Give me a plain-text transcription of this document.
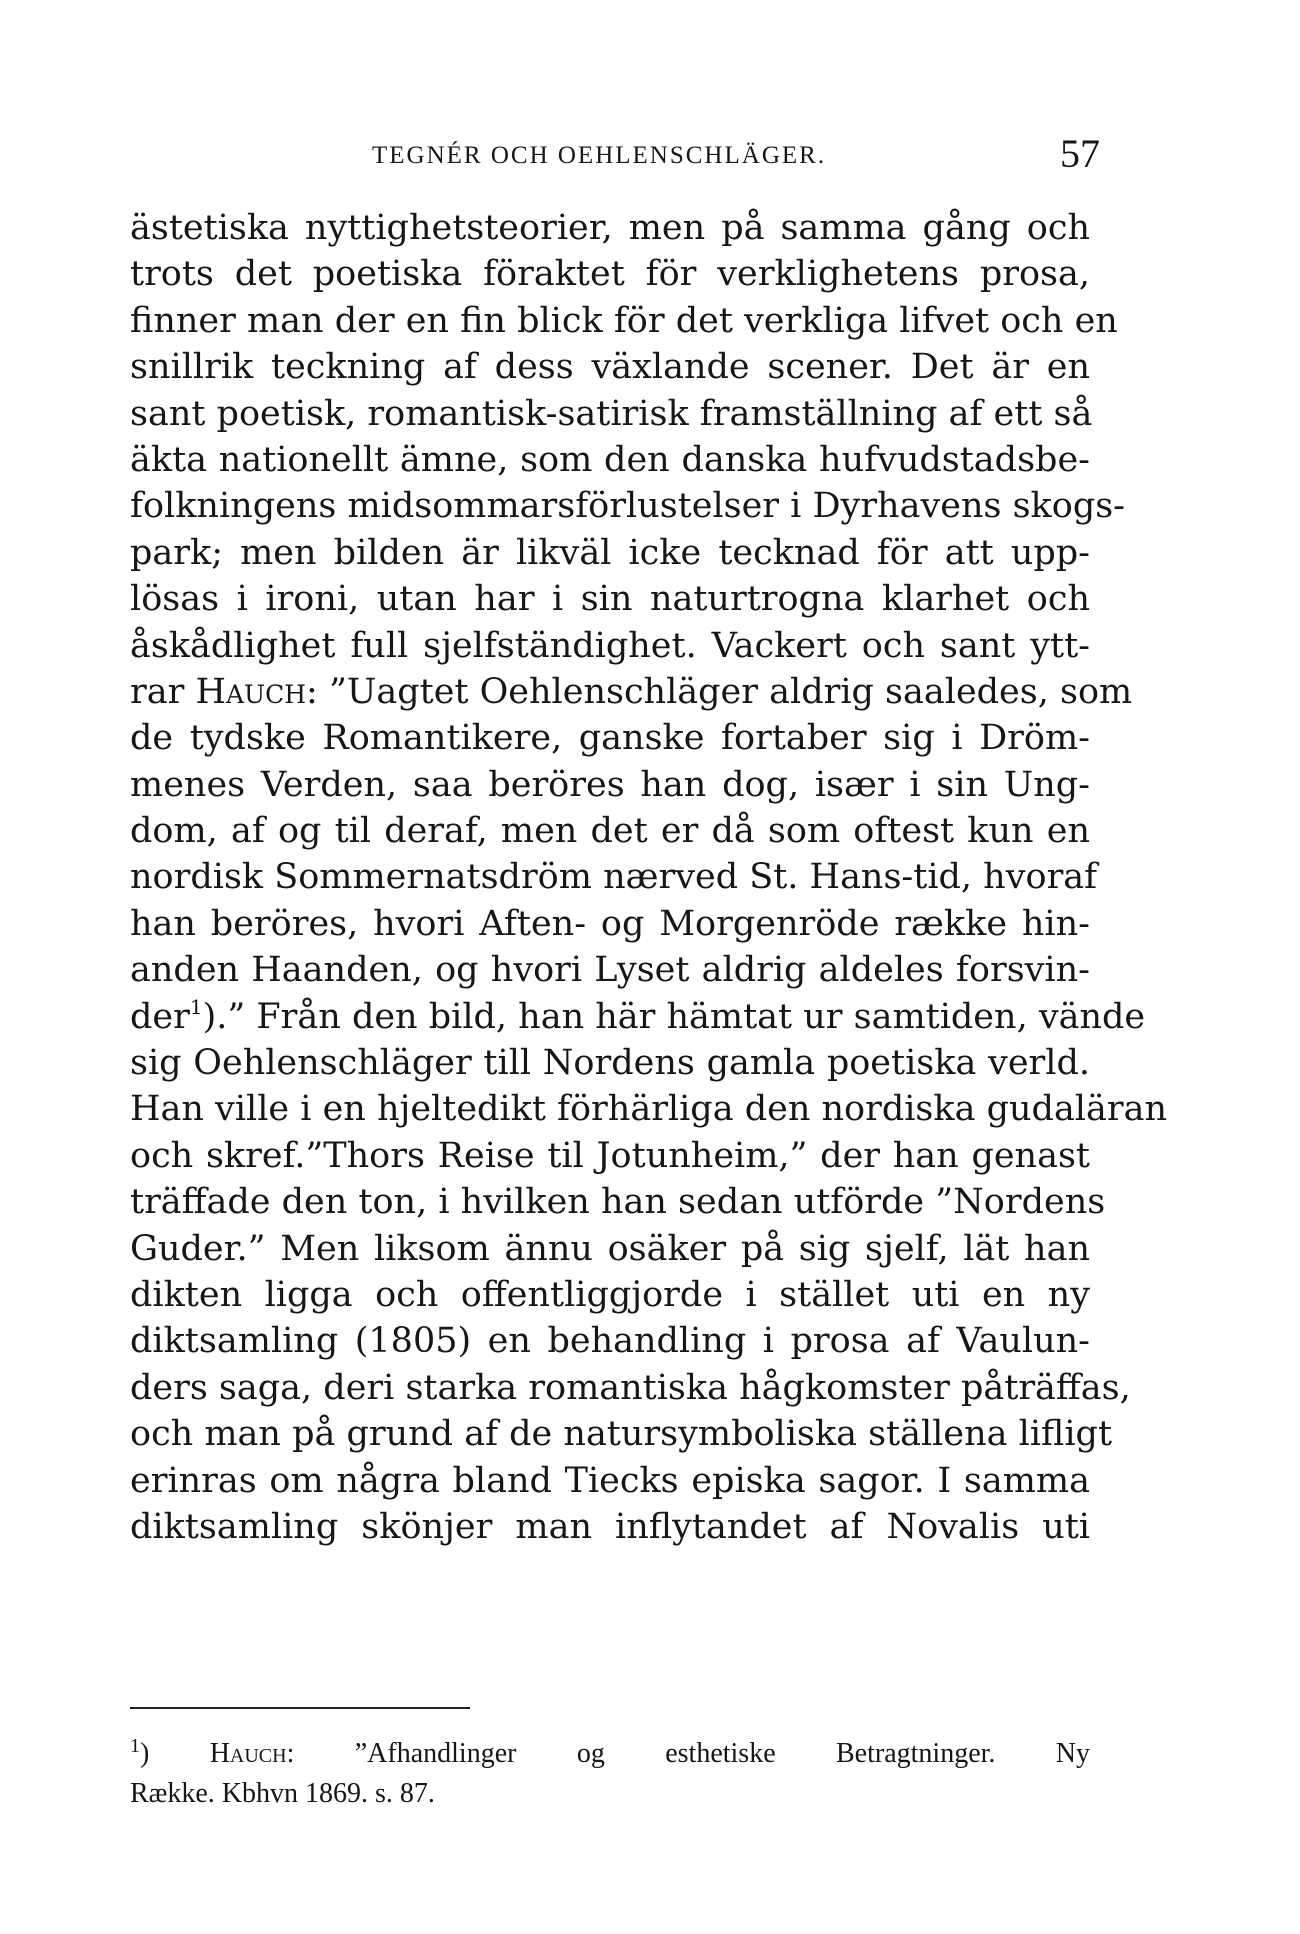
TEGNÉR OCH OEHLENSCHLÄGER.	57
ästetiska nyttighetsteorier, men på samma gång och
trots det poetiska föraktet för verklighetens prosa,
finner man der en fin blick för det verkliga lifvet och en
snillrik teckning af dess växlande scener. Det är en
sant poetisk, romantisk-satirisk framställning af ett så
äkta nationellt ämne, som den danska hufvudstadsbe-
folkningens midsommarsförlustelser i Dyrhavens skogs-
park; men bilden är likväl icke tecknad för att upp-
lösas i ironi, utan har i sin naturtrogna klarhet och
åskådlighet full sjelfständighet. Vackert och sant ytt-
rar Hauch: ”Uagtet Oehlenschläger aldrig saaledes, som
de tydske Romantikere, ganske fortaber sig i Dröm-
menes Verden, saa beröres han dog, især i sin Ung-
dom, af og til deraf, men det er då som oftest kun en
nordisk Sommernatsdröm nærved St. Hans-tid, hvoraf
han beröres, hvori Aften- og Morgenröde række hin-
anden Haanden, og hvori Lyset aldrig aldeles forsvin-
der$^1$).” Från den bild, han här hämtat ur samtiden, vände
sig Oehlenschläger till Nordens gamla poetiska verld.
Han ville i en hjeltedikt förhärliga den nordiska gudaläran
och skref.”Thors Reise til Jotunheim,” der han genast
träffade den ton, i hvilken han sedan utförde ”Nordens
Guder.” Men liksom ännu osäker på sig sjelf, lät han
dikten ligga och offentliggjorde i stället uti en ny
diktsamling (1805) en behandling i prosa af Vaulun-
ders saga, deri starka romantiska hågkomster påträffas,
och man på grund af de natursymboliska ställena lifligt
erinras om några bland Tiecks episka sagor. I samma
diktsamling skönjer man inflytandet af Novalis uti
$^1$) Hauch: ”Afhandlinger og esthetiske Betragtninger. Ny
Række. Kbhvn 1869. s. 87.
